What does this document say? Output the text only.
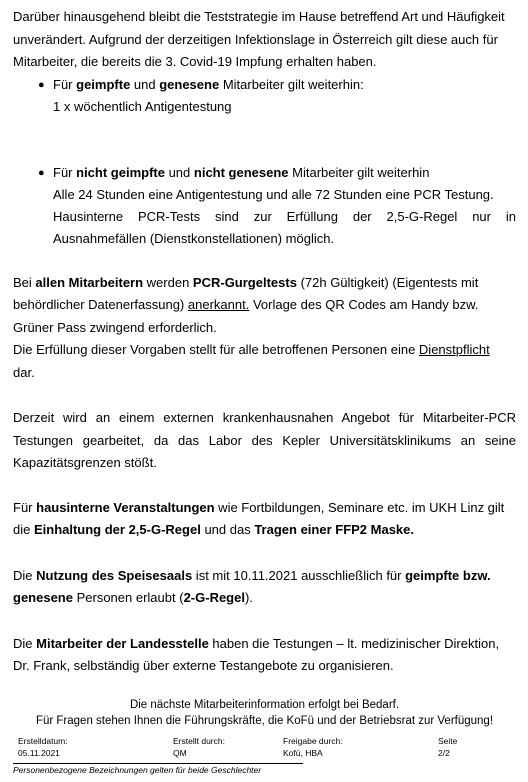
Darüber hinausgehend bleibt die Teststrategie im Hause betreffend Art und Häufigkeit
unverändert. Aufgrund der derzeitigen Infektionslage in Österreich gilt diese auch für
Mitarbeiter, die bereits die 3. Covid-19 Impfung erhalten haben.
● Für geimpfte und genesene Mitarbeiter gilt weiterhin:
1 x wöchentlich Antigentestung
● Für nicht geimpfte und nicht genesene Mitarbeiter gilt weiterhin
Alle 24 Stunden eine Antigentestung und alle 72 Stunden eine PCR Testung.
Hausinterne PCR-Tests sind zur Erfüllung der 2,5-G-Regel nur in
Ausnahmefällen (Dienstkonstellationen) möglich.
Bei allen Mitarbeitern werden PCR-Gurgeltests (72h Gültigkeit) (Eigentests mit
behördlicher Datenerfassung) anerkannt. Vorlage des QR Codes am Handy bzw.
Grüner Pass zwingend erforderlich.
Die Erfüllung dieser Vorgaben stellt für alle betroffenen Personen eine Dienstpflicht
dar.
Derzeit wird an einem externen krankenhausnahen Angebot für Mitarbeiter-PCR
Testungen gearbeitet, da das Labor des Kepler Universitätsklinikums an seine
Kapazitätsgrenzen stößt.
Für hausinterne Veranstaltungen wie Fortbildungen, Seminare etc. im UKH Linz gilt
die Einhaltung der 2,5-G-Regel und das Tragen einer FFP2 Maske.
Die Nutzung des Speisesaals ist mit 10.11.2021 ausschließlich für geimpfte bzw.
genesene Personen erlaubt (2-G-Regel).
Die Mitarbeiter der Landesstelle haben die Testungen – lt. medizinischer Direktion,
Dr. Frank, selbständig über externe Testangebote zu organisieren.
Die nächste Mitarbeiterinformation erfolgt bei Bedarf.
Für Fragen stehen Ihnen die Führungskräfte, die KoFü und der Betriebsrat zur Verfügung!
Erstelldatum:	Erstellt durch:	Freigabe durch:	Seite
05.11.2021	QM	Kofü, HBA	2/2
Personenbezogene Bezeichnungen gelten für beide Geschlechter
